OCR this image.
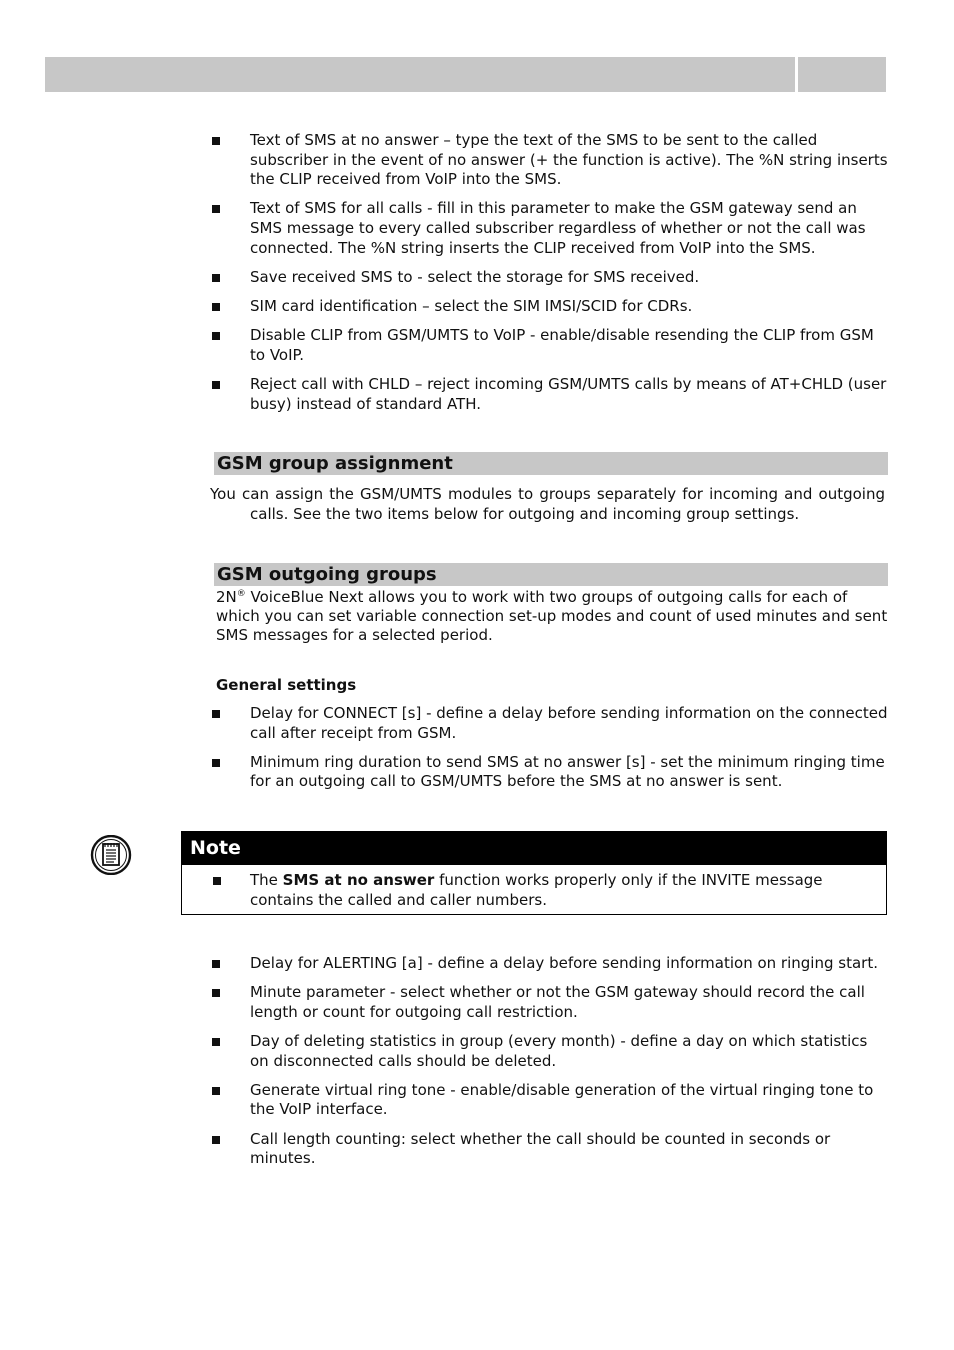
Text of SMS at no answer – type the text of the SMS to be sent to the called subscriber in the event of no answer (+ the function is active). The %N string inserts the CLIP received from VoIP into the SMS.
Text of SMS for all calls - fill in this parameter to make the GSM gateway send an SMS message to every called subscriber regardless of whether or not the call was connected. The %N string inserts the CLIP received from VoIP into the SMS.
Save received SMS to - select the storage for SMS received.
SIM card identification – select the SIM IMSI/SCID for CDRs.
Disable CLIP from GSM/UMTS to VoIP - enable/disable resending the CLIP from GSM to VoIP.
Reject call with CHLD – reject incoming GSM/UMTS calls by means of AT+CHLD (user busy) instead of standard ATH.
GSM group assignment
You can assign the GSM/UMTS modules to groups separately for incoming and outgoing calls. See the two items below for outgoing and incoming group settings.
GSM outgoing groups
2N® VoiceBlue Next allows you to work with two groups of outgoing calls for each of which you can set variable connection set-up modes and count of used minutes and sent SMS messages for a selected period.
General settings
Delay for CONNECT [s] - define a delay before sending information on the connected call after receipt from GSM.
Minimum ring duration to send SMS at no answer [s] - set the minimum ringing time for an outgoing call to GSM/UMTS before the SMS at no answer is sent.
Note
The SMS at no answer function works properly only if the INVITE message contains the called and caller numbers.
Delay for ALERTING [a] - define a delay before sending information on ringing start.
Minute parameter - select whether or not the GSM gateway should record the call length or count for outgoing call restriction.
Day of deleting statistics in group (every month) - define a day on which statistics on disconnected calls should be deleted.
Generate virtual ring tone - enable/disable generation of the virtual ringing tone to the VoIP interface.
Call length counting: select whether the call should be counted in seconds or minutes.
